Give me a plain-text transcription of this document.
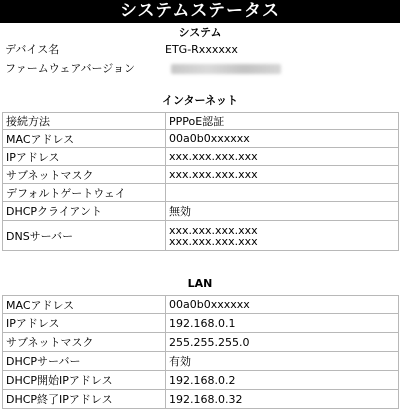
システムステータス
システム
デバイス名	ETG-Rxxxxxx
ファームウェアバージョン
インターネット
接続方法	PPPoE認証
MACアドレス	00a0b0xxxxxx
IPアドレス	xxx.xxx.xxx.xxx
サブネットマスク	xxx.xxx.xxx.xxx
デフォルトゲートウェイ	
DHCPクライアント	無効
DNSサーバー	xxx.xxx.xxx.xxx
xxx.xxx.xxx.xxx
LAN
MACアドレス	00a0b0xxxxxx
IPアドレス	192.168.0.1
サブネットマスク	255.255.255.0
DHCPサーバー	有効
DHCP開始IPアドレス	192.168.0.2
DHCP終了IPアドレス	192.168.0.32
